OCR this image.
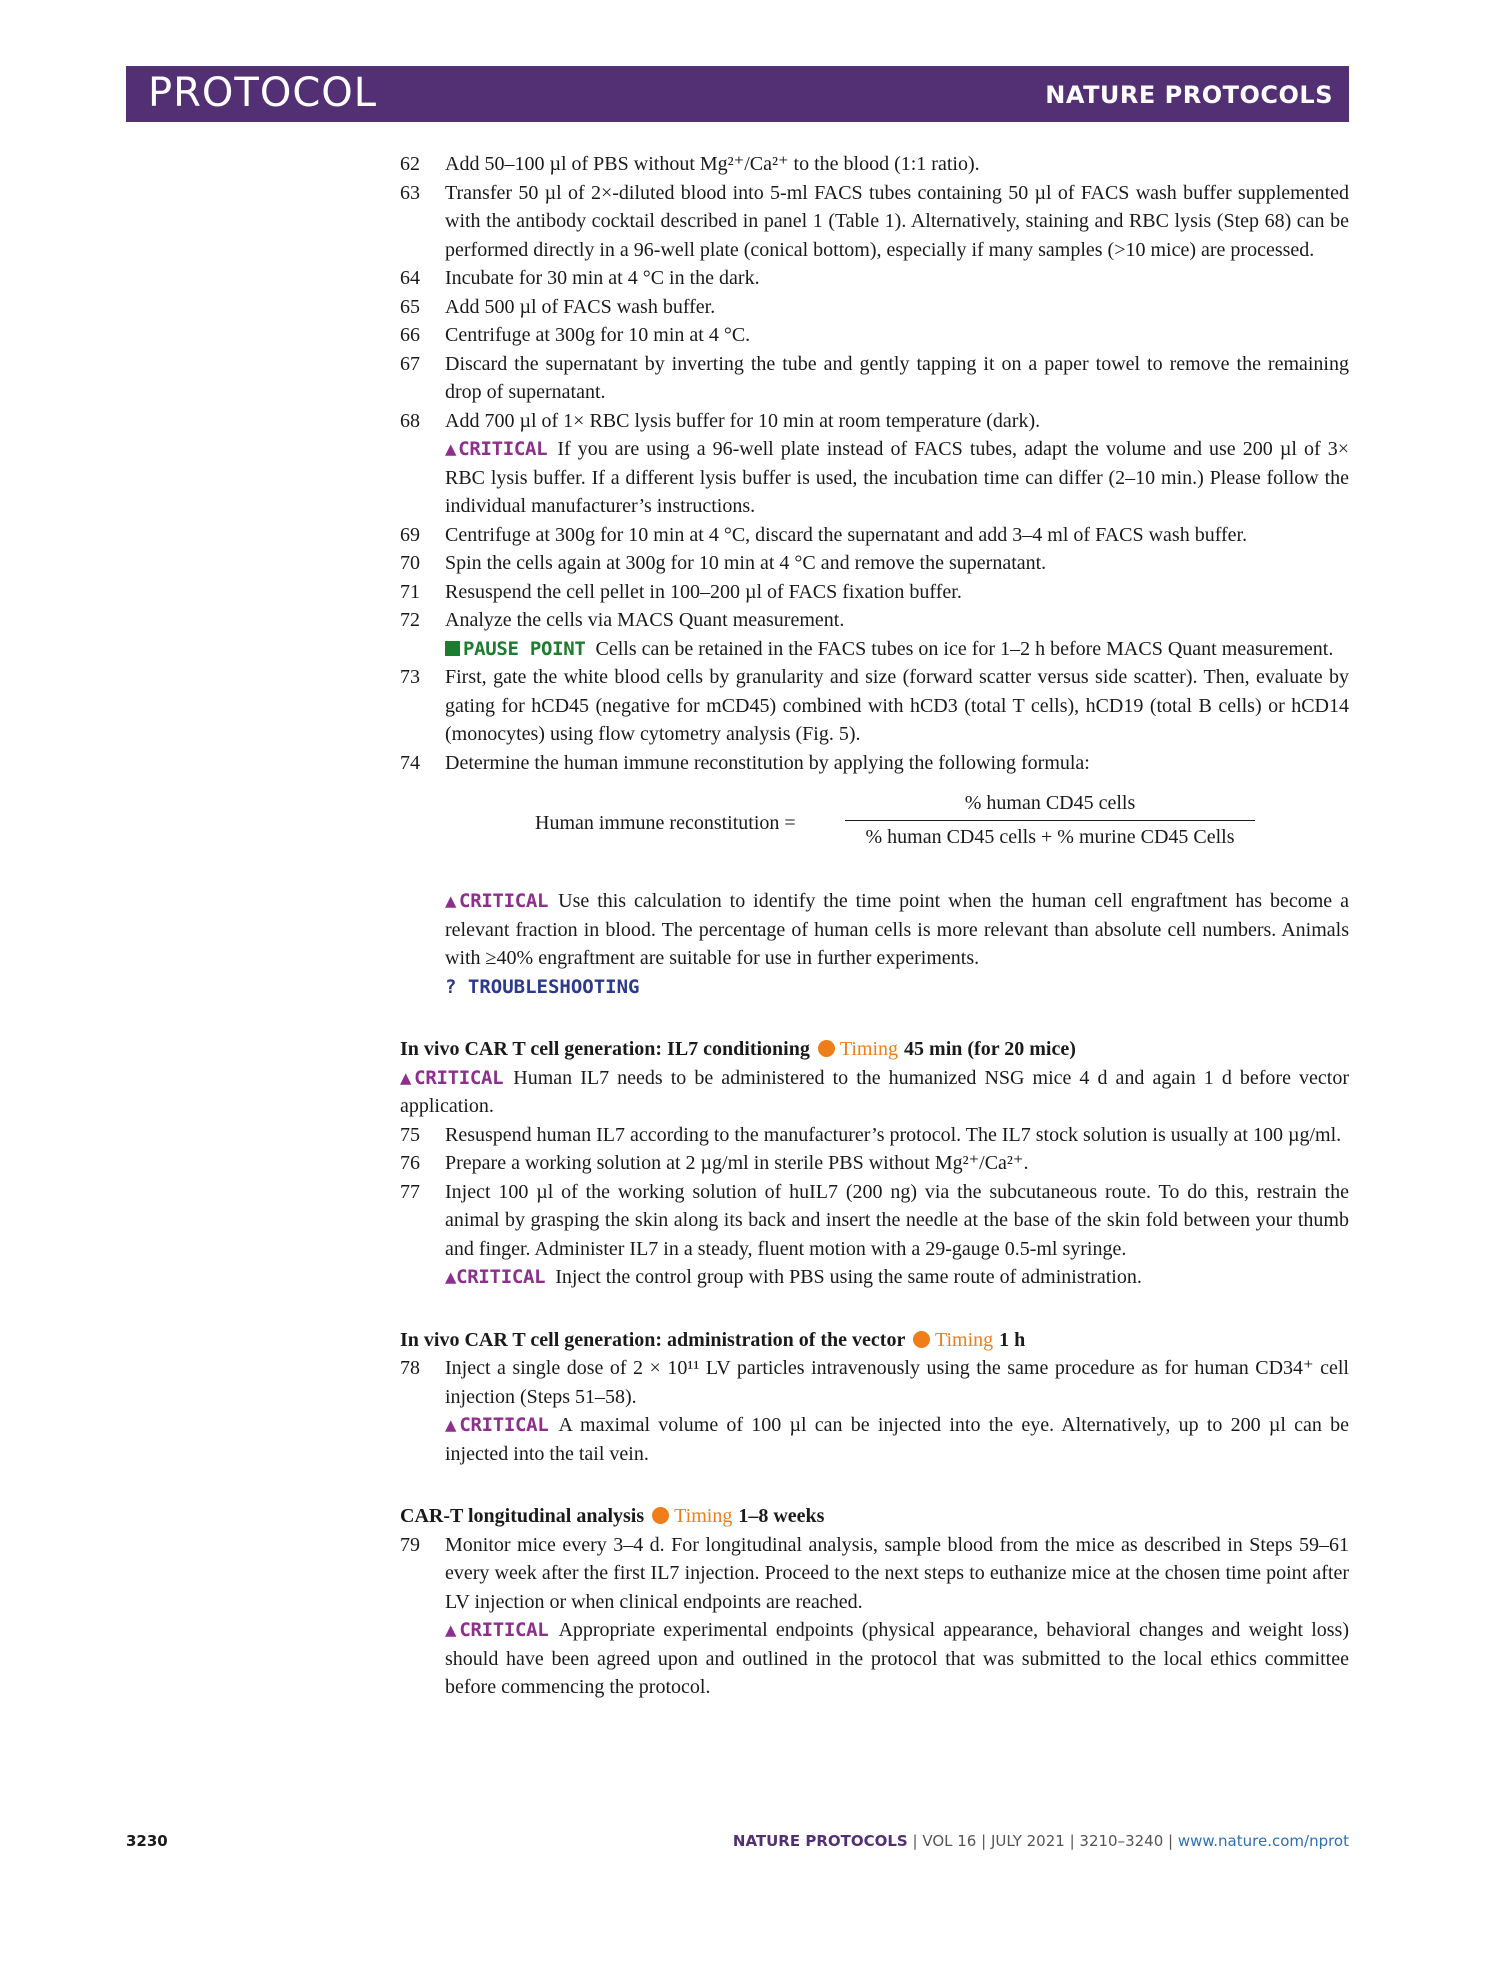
PROTOCOL	NATURE PROTOCOLS
62 Add 50–100 µl of PBS without Mg²⁺/Ca²⁺ to the blood (1:1 ratio).
63 Transfer 50 µl of 2×-diluted blood into 5-ml FACS tubes containing 50 µl of FACS wash buffer supplemented with the antibody cocktail described in panel 1 (Table 1). Alternatively, staining and RBC lysis (Step 68) can be performed directly in a 96-well plate (conical bottom), especially if many samples (>10 mice) are processed.
64 Incubate for 30 min at 4 °C in the dark.
65 Add 500 µl of FACS wash buffer.
66 Centrifuge at 300g for 10 min at 4 °C.
67 Discard the supernatant by inverting the tube and gently tapping it on a paper towel to remove the remaining drop of supernatant.
68 Add 700 µl of 1× RBC lysis buffer for 10 min at room temperature (dark).
▲CRITICAL If you are using a 96-well plate instead of FACS tubes, adapt the volume and use 200 µl of 3× RBC lysis buffer. If a different lysis buffer is used, the incubation time can differ (2–10 min.) Please follow the individual manufacturer’s instructions.
69 Centrifuge at 300g for 10 min at 4 °C, discard the supernatant and add 3–4 ml of FACS wash buffer.
70 Spin the cells again at 300g for 10 min at 4 °C and remove the supernatant.
71 Resuspend the cell pellet in 100–200 µl of FACS fixation buffer.
72 Analyze the cells via MACS Quant measurement.
PAUSE POINT Cells can be retained in the FACS tubes on ice for 1–2 h before MACS Quant measurement.
73 First, gate the white blood cells by granularity and size (forward scatter versus side scatter). Then, evaluate by gating for hCD45 (negative for mCD45) combined with hCD3 (total T cells), hCD19 (total B cells) or hCD14 (monocytes) using flow cytometry analysis (Fig. 5).
74 Determine the human immune reconstitution by applying the following formula:
Human immune reconstitution =
% human CD45 cells
% human CD45 cells + % murine CD45 Cells
▲CRITICAL Use this calculation to identify the time point when the human cell engraftment has become a relevant fraction in blood. The percentage of human cells is more relevant than absolute cell numbers. Animals with ≥40% engraftment are suitable for use in further experiments.
? TROUBLESHOOTING
In vivo CAR T cell generation: IL7 conditioning Timing 45 min (for 20 mice)
▲CRITICAL Human IL7 needs to be administered to the humanized NSG mice 4 d and again 1 d before vector application.
75 Resuspend human IL7 according to the manufacturer’s protocol. The IL7 stock solution is usually at 100 µg/ml.
76 Prepare a working solution at 2 µg/ml in sterile PBS without Mg²⁺/Ca²⁺.
77 Inject 100 µl of the working solution of huIL7 (200 ng) via the subcutaneous route. To do this, restrain the animal by grasping the skin along its back and insert the needle at the base of the skin fold between your thumb and finger. Administer IL7 in a steady, fluent motion with a 29-gauge 0.5-ml syringe.
▲CRITICAL Inject the control group with PBS using the same route of administration.
In vivo CAR T cell generation: administration of the vector Timing 1 h
78 Inject a single dose of 2 × 10¹¹ LV particles intravenously using the same procedure as for human CD34⁺ cell injection (Steps 51–58).
▲CRITICAL A maximal volume of 100 µl can be injected into the eye. Alternatively, up to 200 µl can be injected into the tail vein.
CAR-T longitudinal analysis Timing 1–8 weeks
79 Monitor mice every 3–4 d. For longitudinal analysis, sample blood from the mice as described in Steps 59–61 every week after the first IL7 injection. Proceed to the next steps to euthanize mice at the chosen time point after LV injection or when clinical endpoints are reached.
▲CRITICAL Appropriate experimental endpoints (physical appearance, behavioral changes and weight loss) should have been agreed upon and outlined in the protocol that was submitted to the local ethics committee before commencing the protocol.
3230	NATURE PROTOCOLS | VOL 16 | JULY 2021 | 3210–3240 | www.nature.com/nprot
